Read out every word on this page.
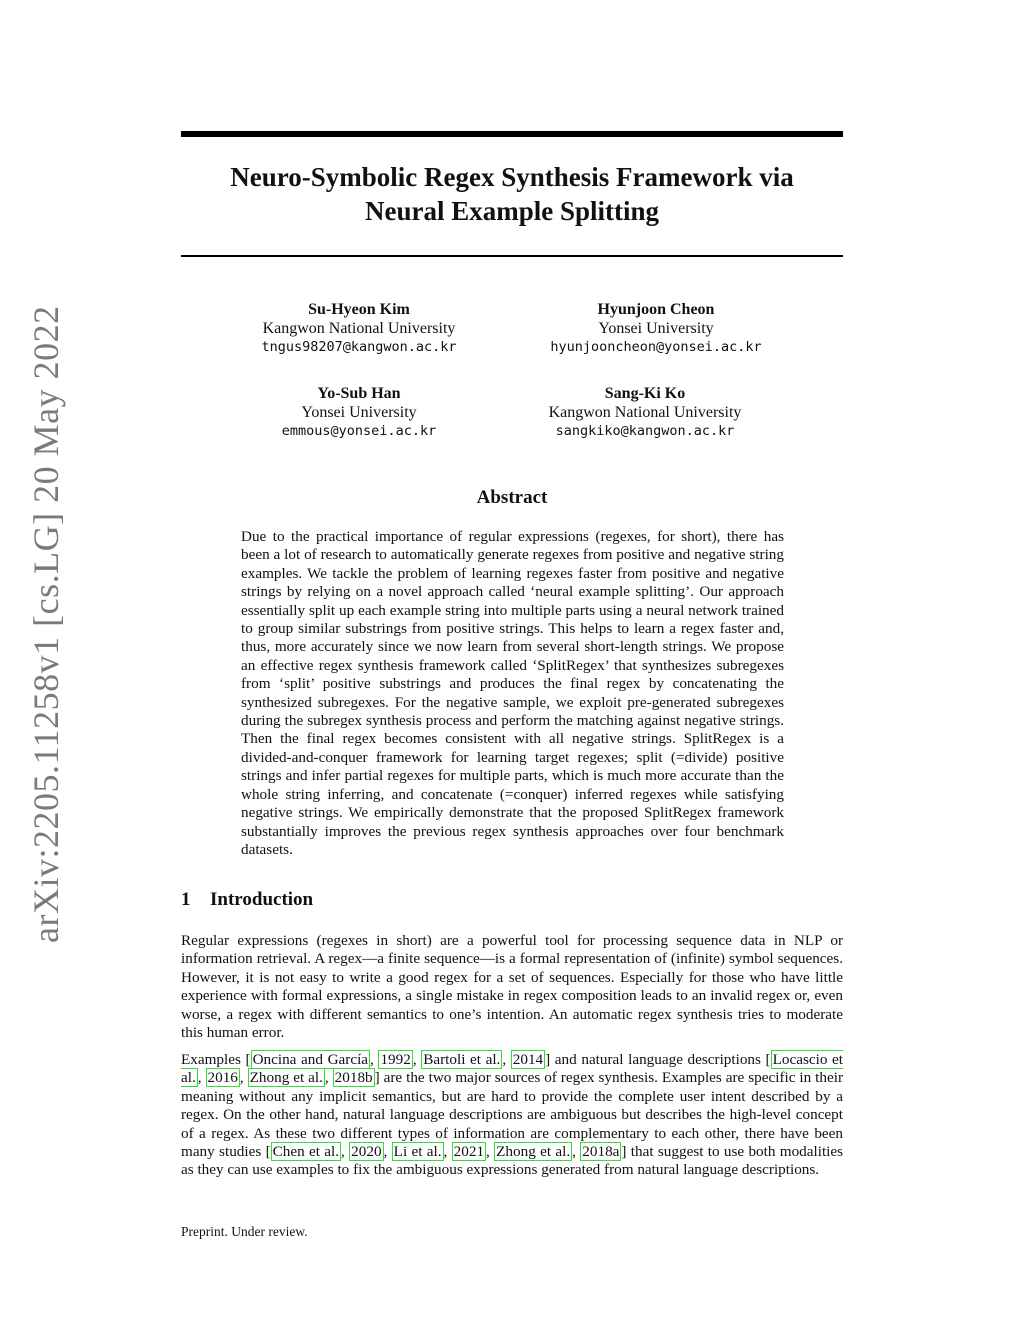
arXiv:2205.11258v1 [cs.LG] 20 May 2022
Neuro-Symbolic Regex Synthesis Framework via
Neural Example Splitting
Su-Hyeon Kim
Kangwon National University
tngus98207@kangwon.ac.kr
Hyunjoon Cheon
Yonsei University
hyunjooncheon@yonsei.ac.kr
Yo-Sub Han
Yonsei University
emmous@yonsei.ac.kr
Sang-Ki Ko
Kangwon National University
sangkiko@kangwon.ac.kr
Abstract

Due to the practical importance of regular expressions (regexes, for short), there has been a lot of research to automatically generate regexes from positive and negative string examples. We tackle the problem of learning regexes faster from positive and negative strings by relying on a novel approach called ‘neural example splitting’. Our approach essentially split up each example string into multiple parts using a neural network trained to group similar substrings from positive strings. This helps to learn a regex faster and, thus, more accurately since we now learn from several short-length strings. We propose an effective regex synthesis framework called ‘SplitRegex’ that synthesizes subregexes from ‘split’ positive substrings and produces the final regex by concatenating the synthesized subregexes. For the negative sample, we exploit pre-generated subregexes during the subregex synthesis process and perform the matching against negative strings. Then the final regex becomes consistent with all negative strings. SplitRegex is a divided-and-conquer framework for learning target regexes; split (=divide) positive strings and infer partial regexes for multiple parts, which is much more accurate than the whole string inferring, and concatenate (=conquer) inferred regexes while satisfying negative strings. We empirically demonstrate that the proposed SplitRegex framework substantially improves the previous regex synthesis approaches over four benchmark datasets.

1 Introduction

Regular expressions (regexes in short) are a powerful tool for processing sequence data in NLP or information retrieval. A regex—a finite sequence—is a formal representation of (infinite) symbol sequences. However, it is not easy to write a good regex for a set of sequences. Especially for those who have little experience with formal expressions, a single mistake in regex composition leads to an invalid regex or, even worse, a regex with different semantics to one’s intention. An automatic regex synthesis tries to moderate this human error.

Examples [ Oncina and García , 1992 , Bartoli et al. , 2014 ] and natural language descriptions [ Locascio et al. , 2016 , Zhong et al. , 2018b ] are the two major sources of regex synthesis. Examples are specific in their meaning without any implicit semantics, but are hard to provide the complete user intent described by a regex. On the other hand, natural language descriptions are ambiguous but describes the high-level concept of a regex. As these two different types of information are complementary to each other, there have been many studies [ Chen et al. , 2020 , Li et al. , 2021 , Zhong et al. , 2018a ] that suggest to use both modalities as they can use examples to fix the ambiguous expressions generated from natural language descriptions.

Preprint. Under review.
